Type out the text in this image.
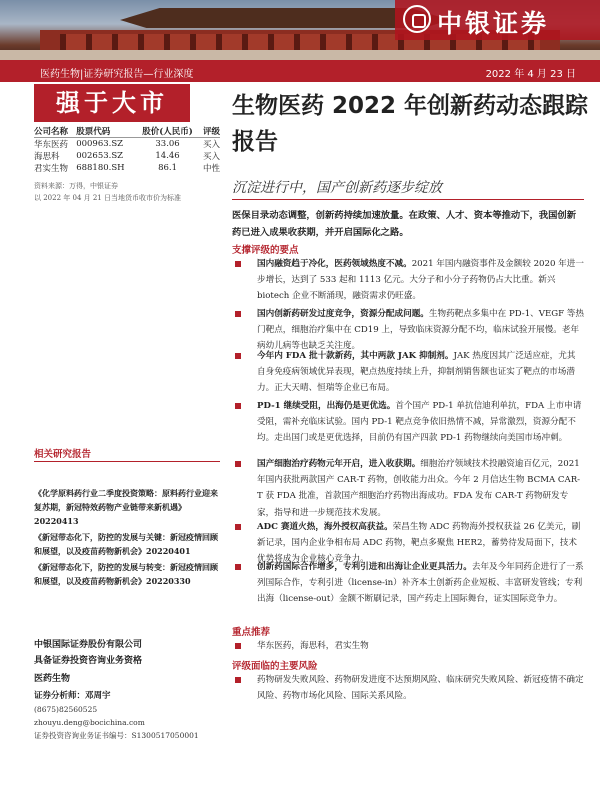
中银证券
医药生物|证券研究报告—行业深度	2022 年 4 月 23 日
强于大市
公司名称	股票代码	股价(人民币)	评级
华东医药	000963.SZ	33.06	买入
海思科	002653.SZ	14.46	买入
君实生物	688180.SH	86.1	中性
资料来源：万得，中银证券
以 2022 年 04 月 21 日当地货币收市价为标准
相关研究报告
《化学原料药行业二季度投资策略：原料药行业迎来复苏期，新冠特效药物产业链带来新机遇》20220413
《新冠带态化下，防控的发展与关键：新冠疫情回顾和展望，以及疫苗药物新机会》20220401
《新冠带态化下，防控的发展与转变：新冠疫情回顾和展望，以及疫苗药物新机会》20220330
中银国际证券股份有限公司
具备证券投资咨询业务资格
医药生物
证券分析师：邓周宇
(8675)82560525
zhouyu.deng@bocichina.com
证券投资咨询业务证书编号：S1300517050001
生物医药 2022 年创新药动态跟踪报告
沉淀进行中，国产创新药逐步绽放
医保目录动态调整，创新药持续加速放量。在政策、人才、资本等推动下，我国创新药已进入成果收获期，并开启国际化之路。
支撑评级的要点
国内融资趋于冷化，医药领域热度不减。2021 年国内融资事件及金额较 2020 年进一步增长，达到了 533 起和 1113 亿元。大分子和小分子药物仍占大比重。新兴 biotech 企业不断涌现，融资需求仍旺盛。
国内创新药研发过度竞争，资源分配成问题。生物药靶点多集中在 PD-1、VEGF 等热门靶点，细胞治疗集中在 CD19 上，导致临床资源分配不均，临床试验开展慢。老年病幼儿病等也缺乏关注度。
今年内 FDA 批十款新药，其中两款 JAK 抑制剂。JAK 热度因其广泛适应症，尤其自身免疫病领域优异表现，靶点热度持续上升，抑制剂销售额也证实了靶点的市场潜力。正大天晴、恒瑞等企业已布局。
PD-1 继续受阻，出海仍是更优选。首个国产 PD-1 单抗信迪利单抗，FDA 上市申请受阻，需补充临床试验。国内 PD-1 靶点竞争依旧热情不减，异常激烈，资源分配不均。走出国门或是更优选择，目前仍有国产四款 PD-1 药物继续向美国市场冲刺。
国产细胞治疗药物元年开启，进入收获期。细胞治疗领域技术投融资逾百亿元，2021 年国内获批两款国产 CAR-T 药物，创收能力出众。今年 2 月信达生物 BCMA CAR-T 获 FDA 批准，首款国产细胞治疗药物出海成功。FDA 发布 CAR-T 药物研发专家，指导和进一步规范技术发展。
ADC 赛道火热，海外授权高获益。荣昌生物 ADC 药物海外授权获益 26 亿美元，刷新记录，国内企业争相布局 ADC 药物，靶点多聚焦 HER2，蓄势待发局面下，技术优势将成为企业核心竞争力。
创新药国际合作增多，专利引进和出海让企业更具活力。去年及今年同药企进行了一系列国际合作，专利引进（license-in）补齐本土创新药企业短板、丰富研发管线；专利出海（license-out）金额不断刷记录，国产药走上国际舞台，证实国际竞争力。
重点推荐
华东医药，海思科，君实生物
评级面临的主要风险
药物研发失败风险、药物研发进度不达预期风险、临床研究失败风险、新冠疫情不确定风险、药物市场化风险、国际关系风险。
